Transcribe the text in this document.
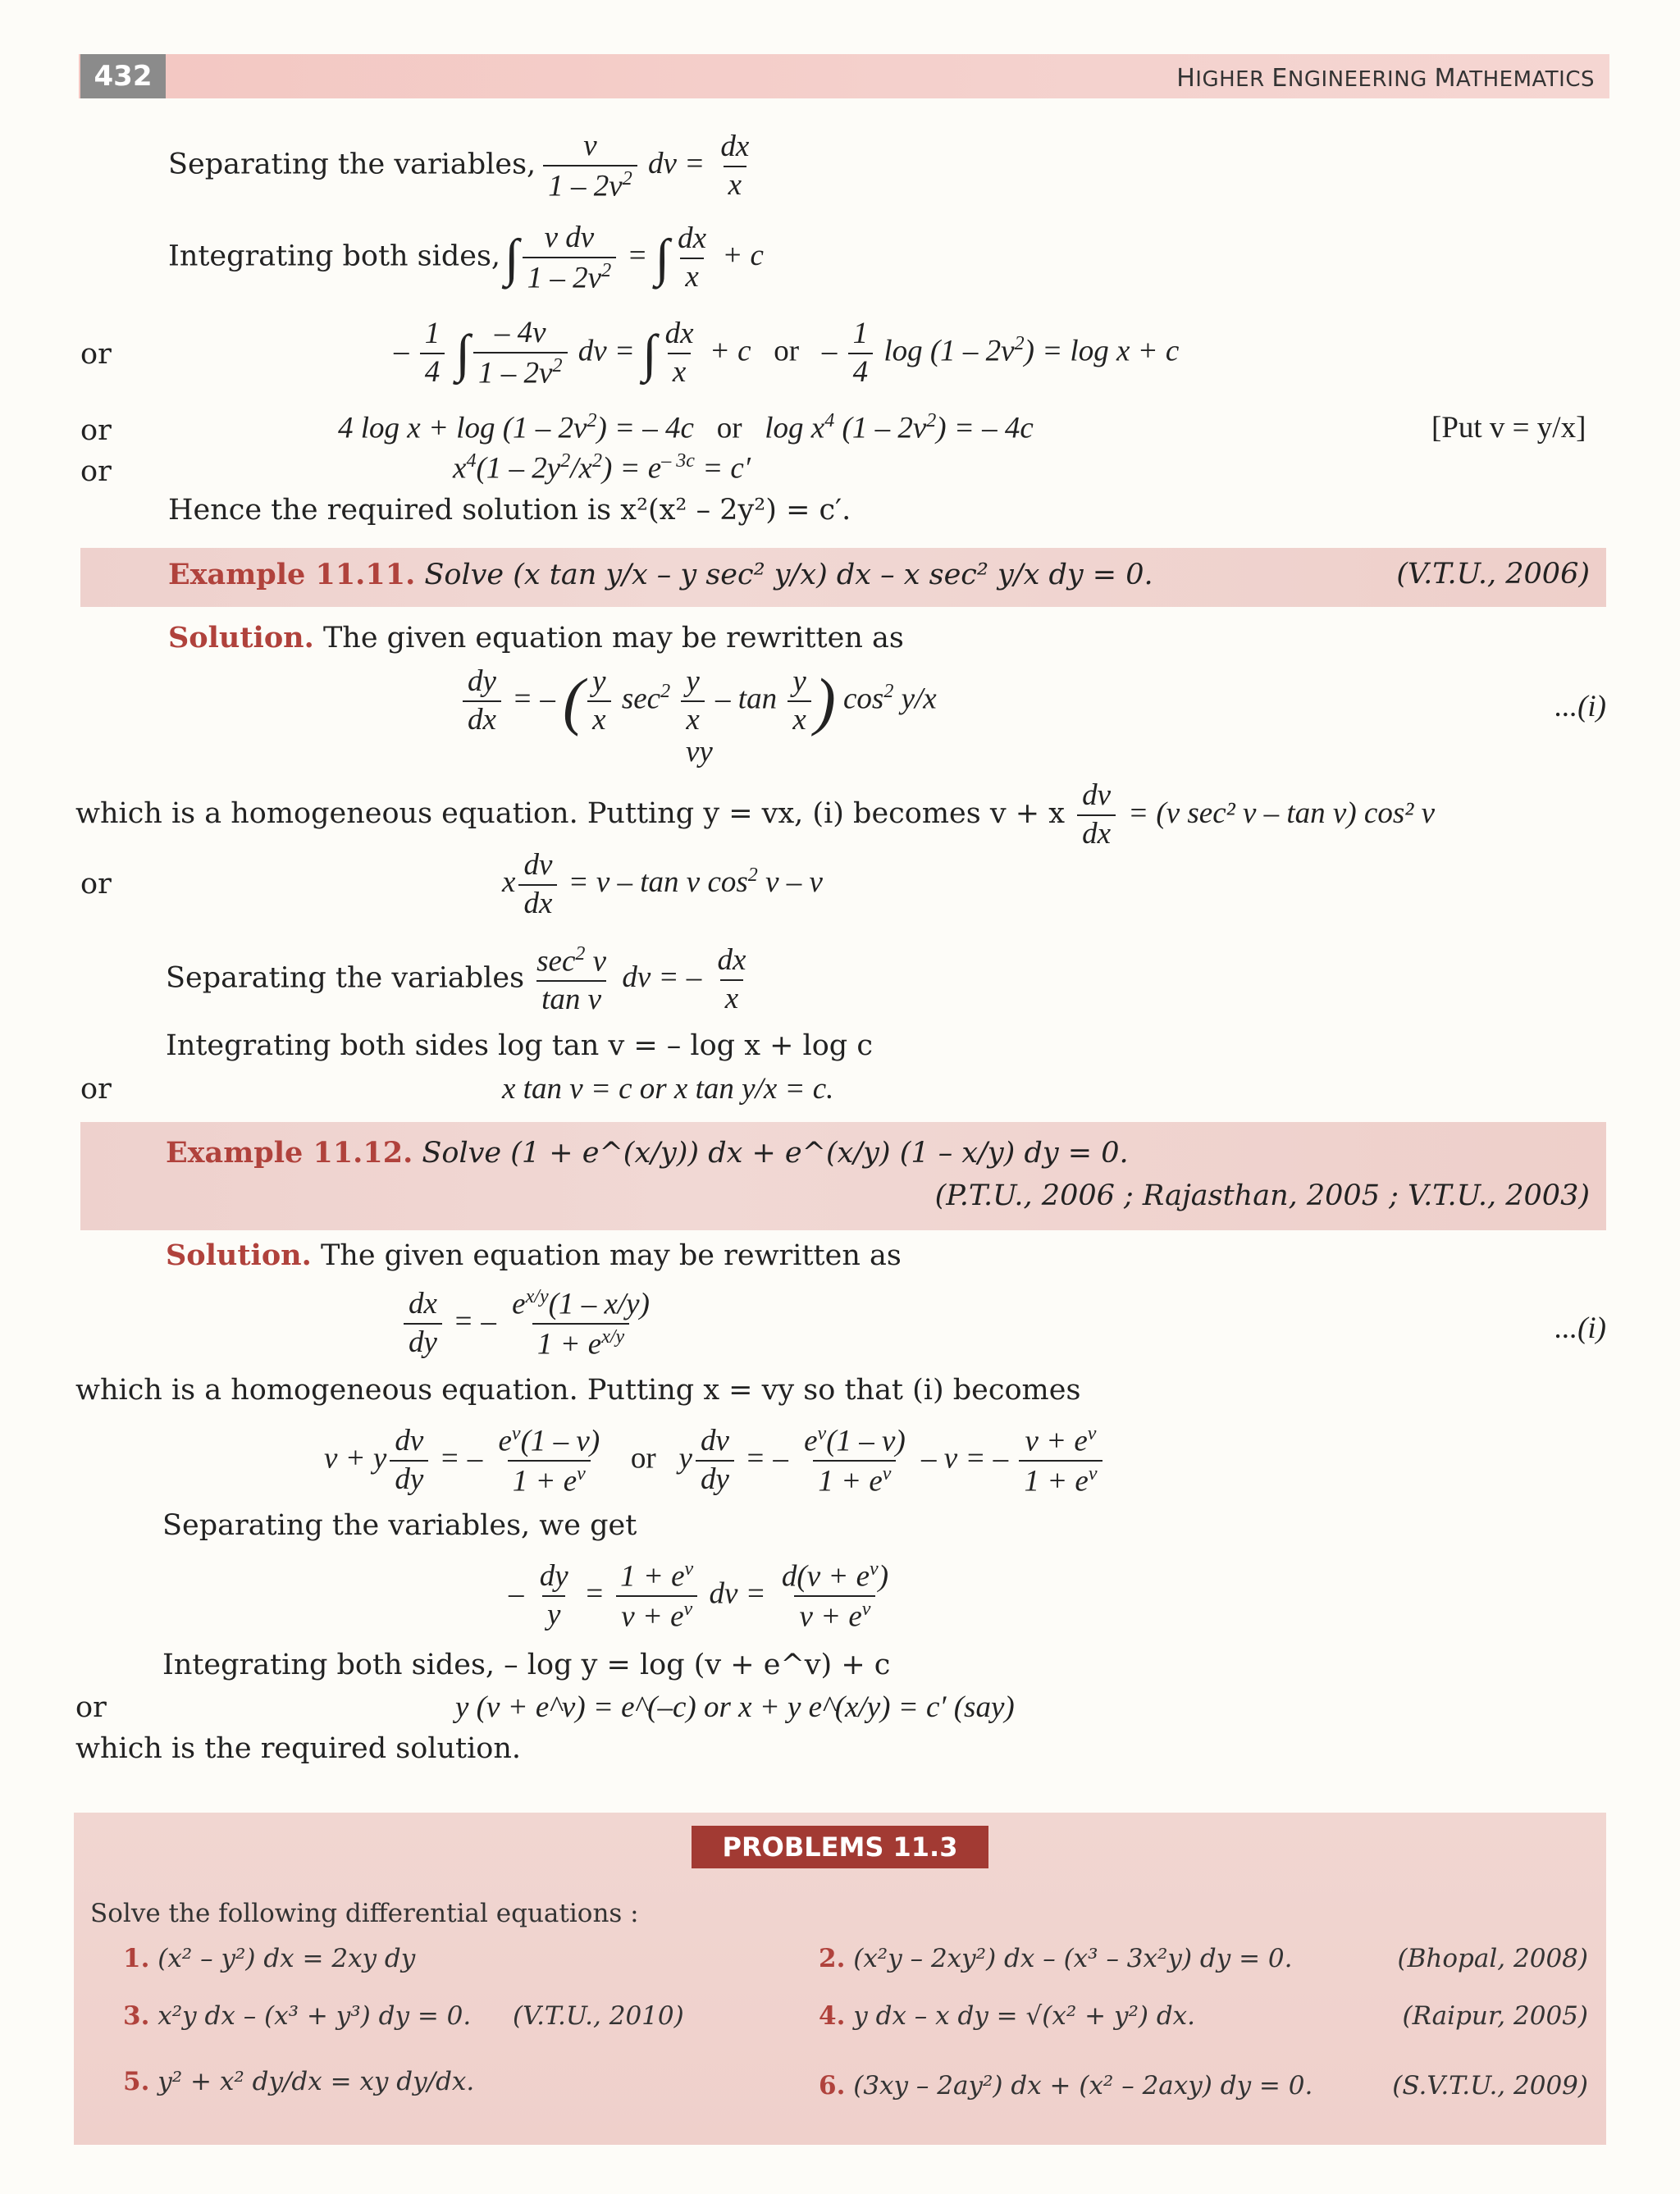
432	HIGHER ENGINEERING MATHEMATICS
Separating the variables, $\frac{v}{1 - 2v^2}$ dv = $\frac{dx}{x}$
Integrating both sides, ∫ $\frac{\text{v dv}}{1 - 2v^2}$ = ∫ $\frac{dx}{x} + c$
or	– $\frac{1}{4}$ ∫ $\frac{- 4v}{1 - 2v^2}$ dv = ∫ $\frac{dx}{x} + c$   or   – $\frac{1}{4}$ $\log (1 - 2v^2) = \log x + c$
or	4 $\log x + \log (1 - 2v^2)$ = – 4c   or   $\log x^4$ $(1 - 2v^2)$ = – 4c	[Put v = y/x]
or	$x^4(1 - 2y^2/x^2) = e^{- 3c} = c'$
Hence the required solution is x²(x² – 2y²) = c′.
Example 11.11. Solve (x tan y/x – y sec² y/x) dx – x sec² y/x dy = 0.	(V.T.U., 2006)
Solution. The given equation may be rewritten as
$\frac{dy}{dx}$ = – ( $\frac{y}{x} \sec^2 \frac{y}{x}$ – $\tan \frac{y}{x}$ ) $\cos^2 y/x$
vy
...(i)
which is a homogeneous equation. Putting y = vx, (i) becomes v + x $\frac{dv}{dx} = (v$ sec² v – tan v) cos² v
or	x $\frac{dv}{dx} = v - \tan v$ $\cos^2 v$ – v
Separating the variables $\frac{\sec^2 v}{\text{tan v}}$ dv = – $\frac{dx}{x}$
Integrating both sides log tan v = – log x + log c
or	x tan v = c or x tan y/x = c.
Example 11.12. Solve (1 + e^(x/y)) dx + e^(x/y) (1 – x/y) dy = 0.
(P.T.U., 2006 ; Rajasthan, 2005 ; V.T.U., 2003)
Solution. The given equation may be rewritten as
$\frac{dx}{dy}$ = – $\frac{e^{x/y}(1 - x/y)}{1 + e^{x/y}}$	...(i)
which is a homogeneous equation. Putting x = vy so that (i) becomes
v + y $\frac{dv}{dy}$ = – $\frac{e^v(1 - v)}{1 + e^v}$ or   y $\frac{dv}{dy}$ = – $\frac{e^v(1 - v)}{1 + e^v}$ – v = – $\frac{v + e^v}{1 + e^v}$
Separating the variables, we get
– $\frac{dy}{y} = \frac{1 + e^v}{v + e^v}$ dv = $\frac{d(v + e^v)}{v + e^v}$
Integrating both sides, – log y = log (v + e^v) + c
or	y (v + e^v) = e^(–c) or x + y e^(x/y) = c′ (say)
which is the required solution.
PROBLEMS 11.3
Solve the following differential equations :
1. (x² – y²) dx = 2xy dy	2. (x²y – 2xy²) dx – (x³ – 3x²y) dy = 0.	(Bhopal, 2008)
3. x²y dx – (x³ + y³) dy = 0. (V.T.U., 2010)	4. y dx – x dy = √(x² + y²) dx.	(Raipur, 2005)
5. y² + x² dy/dx = xy dy/dx.	6. (3xy – 2ay²) dx + (x² – 2axy) dy = 0.	(S.V.T.U., 2009)
